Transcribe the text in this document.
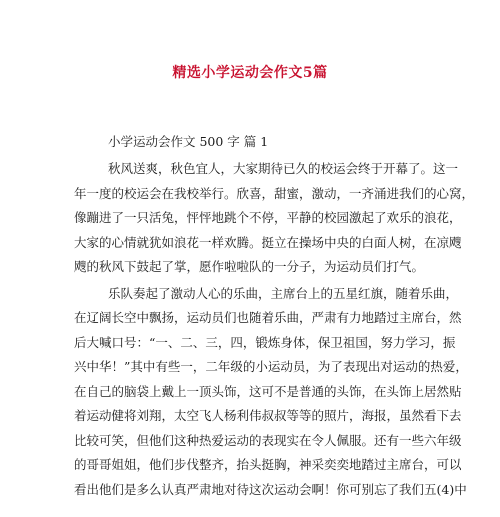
精选小学运动会作文5篇
小学运动会作文 500 字 篇 1
秋风送爽，秋色宜人，大家期待已久的校运会终于开幕了。这一
年一度的校运会在我校举行。欣喜，甜蜜，激动，一齐涌进我们的心窝，
像蹦进了一只活兔，怦怦地跳个不停，平静的校园激起了欢乐的浪花，
大家的心情就犹如浪花一样欢腾。挺立在操场中央的白面人树，在凉飕
飕的秋风下鼓起了掌，愿作啦啦队的一分子，为运动员们打气。
乐队奏起了激动人心的乐曲，主席台上的五星红旗，随着乐曲，
在辽阔长空中飘扬，运动员们也随着乐曲，严肃有力地踏过主席台，然
后大喊口号：“一、二、三，四，锻炼身体，保卫祖国，努力学习，振
兴中华！”其中有些一，二年级的小运动员，为了表现出对运动的热爱，
在自己的脑袋上戴上一顶头饰，这可不是普通的头饰，在头饰上居然贴
着运动健将刘翔，太空飞人杨利伟叔叔等等的照片，海报，虽然看下去
比较可笑，但他们这种热爱运动的表现实在令人佩服。还有一些六年级
的哥哥姐姐，他们步伐整齐，抬头挺胸，神采奕奕地踏过主席台，可以
看出他们是多么认真严肃地对待这次运动会啊！你可别忘了我们五(4)中
